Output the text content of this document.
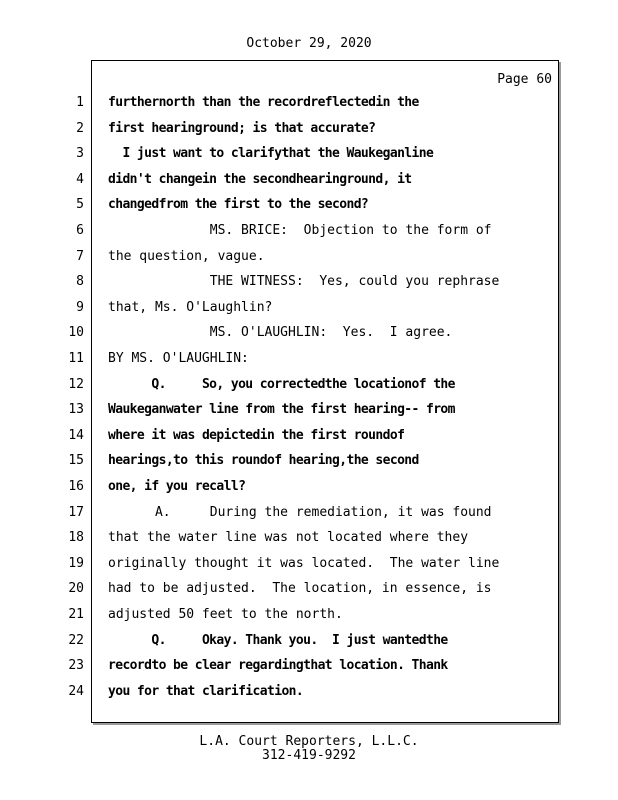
October 29, 2020
Page 60
1 furthernorth than the recordreflectedin the
2 first hearinground; is that accurate?
3 I just want to clarifythat the Waukeganline
4 didn't changein the secondhearinground, it
5 changedfrom the first to the second?
6 MS. BRICE:  Objection to the form of
7 the question, vague.
8 THE WITNESS:  Yes, could you rephrase
9 that, Ms. O'Laughlin?
10 MS. O'LAUGHLIN:  Yes.  I agree.
11 BY MS. O'LAUGHLIN:
12 Q.     So, you correctedthe locationof the
13 Waukeganwater line from the first hearing-- from
14 where it was depictedin the first roundof
15 hearings,to this roundof hearing,the second
16 one, if you recall?
17 A.     During the remediation, it was found
18 that the water line was not located where they
19 originally thought it was located.  The water line
20 had to be adjusted.  The location, in essence, is
21 adjusted 50 feet to the north.
22 Q.     Okay. Thank you.  I just wantedthe
23 recordto be clear regardingthat location. Thank
24 you for that clarification.
L.A. Court Reporters, L.L.C.
312-419-9292
